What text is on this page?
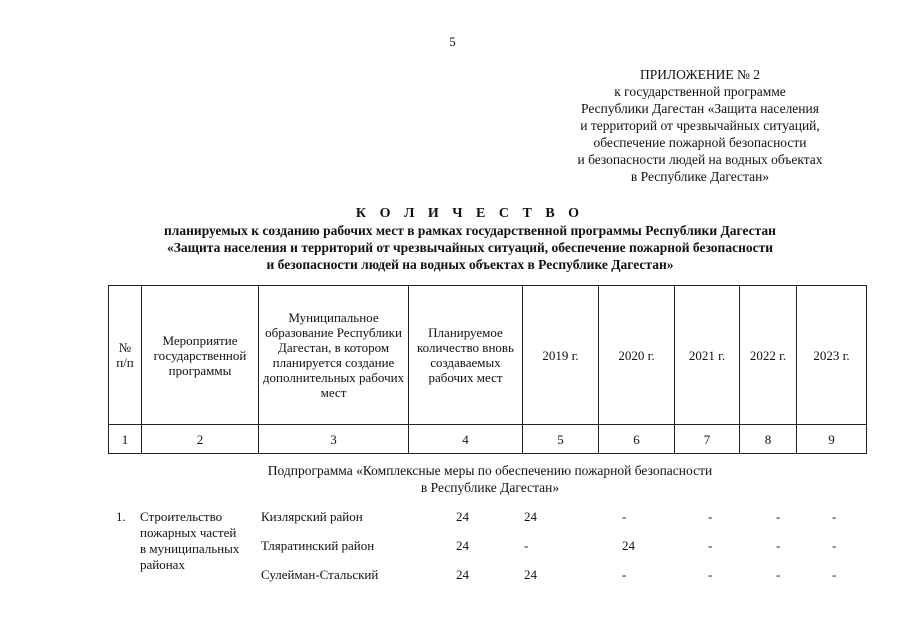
5
ПРИЛОЖЕНИЕ № 2
к государственной программе
Республики Дагестан «Защита населения
и территорий от чрезвычайных ситуаций,
обеспечение пожарной безопасности
и безопасности людей на водных объектах
в Республике Дагестан»
К О Л И Ч Е С Т В О
планируемых к созданию рабочих мест в рамках государственной программы Республики Дагестан
«Защита населения и территорий от чрезвычайных ситуаций, обеспечение пожарной безопасности
и безопасности людей на водных объектах в Республике Дагестан»
№ п/п	Мероприятие государственной программы	Муниципальное образование Республики Дагестан, в котором планируется создание дополнительных рабочих мест	Планируемое количество вновь создаваемых рабочих мест	2019 г.	2020 г.	2021 г.	2022 г.	2023 г.
1	2	3	4	5	6	7	8	9
Подпрограмма «Комплексные меры по обеспечению пожарной безопасности
в Республике Дагестан»
1. Строительство
пожарных частей
в муниципальных
районах
Кизлярский район	24	24	-	-	-	-
Тляратинский район	24	-	24	-	-	-
Сулейман-Стальский	24	24	-	-	-	-
